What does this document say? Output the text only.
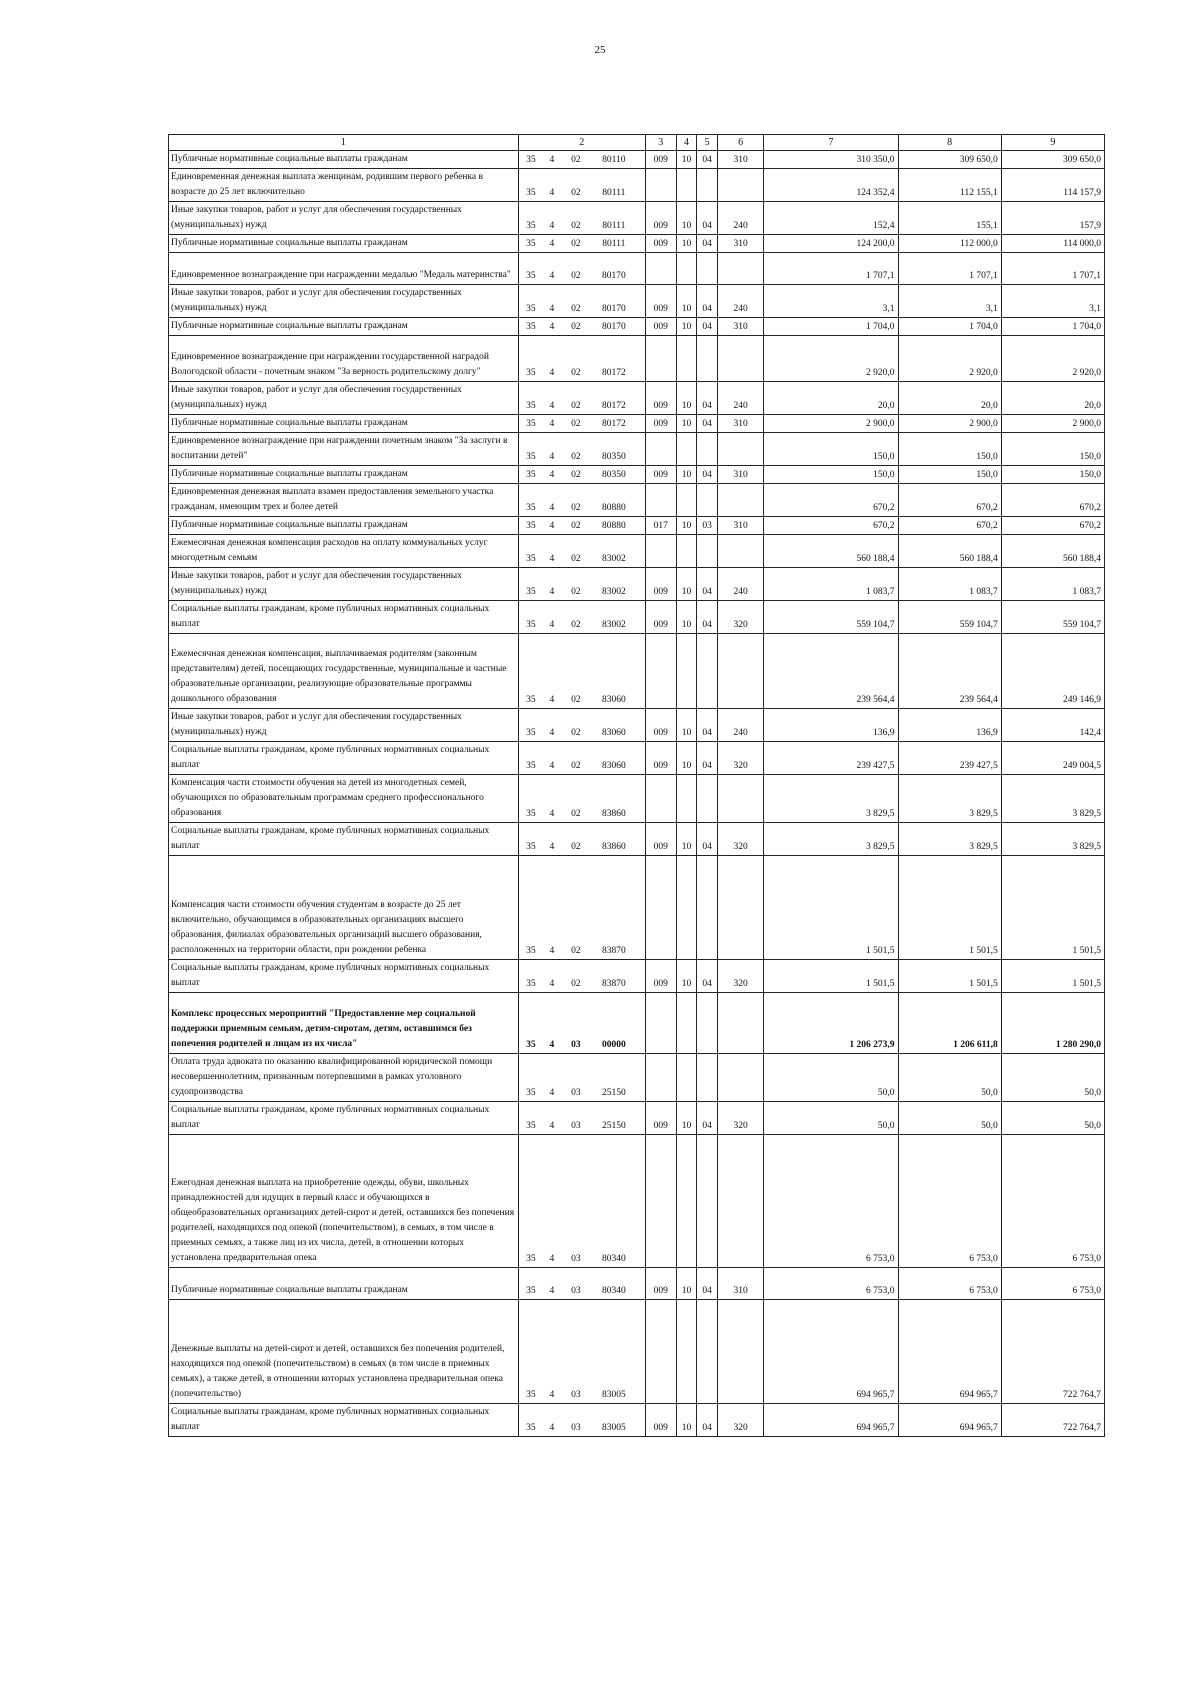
25
1	2	3	4	5	6	7	8	9
Публичные нормативные социальные выплаты гражданам	35 4 02 80110	009	10	04	310	310 350,0	309 650,0	309 650,0
Единовременная денежная выплата женщинам, родившим первого ребенка в возрасте до 25 лет включительно	35 4 02 80111					124 352,4	112 155,1	114 157,9
Иные закупки товаров, работ и услуг для обеспечения государственных (муниципальных) нужд	35 4 02 80111	009	10	04	240	152,4	155,1	157,9
Публичные нормативные социальные выплаты гражданам	35 4 02 80111	009	10	04	310	124 200,0	112 000,0	114 000,0
Единовременное вознаграждение при награждении медалью "Медаль материнства"	35 4 02 80170					1 707,1	1 707,1	1 707,1
Иные закупки товаров, работ и услуг для обеспечения государственных (муниципальных) нужд	35 4 02 80170	009	10	04	240	3,1	3,1	3,1
Публичные нормативные социальные выплаты гражданам	35 4 02 80170	009	10	04	310	1 704,0	1 704,0	1 704,0
Единовременное вознаграждение при награждении государственной наградой Вологодской области - почетным знаком "За верность родительскому долгу"	35 4 02 80172					2 920,0	2 920,0	2 920,0
Иные закупки товаров, работ и услуг для обеспечения государственных (муниципальных) нужд	35 4 02 80172	009	10	04	240	20,0	20,0	20,0
Публичные нормативные социальные выплаты гражданам	35 4 02 80172	009	10	04	310	2 900,0	2 900,0	2 900,0
Единовременное вознаграждение при награждении почетным знаком "За заслуги в воспитании детей"	35 4 02 80350					150,0	150,0	150,0
Публичные нормативные социальные выплаты гражданам	35 4 02 80350	009	10	04	310	150,0	150,0	150,0
Единовременная денежная выплата взамен предоставления земельного участка гражданам, имеющим трех и более детей	35 4 02 80880					670,2	670,2	670,2
Публичные нормативные социальные выплаты гражданам	35 4 02 80880	017	10	03	310	670,2	670,2	670,2
Ежемесячная денежная компенсация расходов на оплату коммунальных услуг многодетным семьям	35 4 02 83002					560 188,4	560 188,4	560 188,4
Иные закупки товаров, работ и услуг для обеспечения государственных (муниципальных) нужд	35 4 02 83002	009	10	04	240	1 083,7	1 083,7	1 083,7
Социальные выплаты гражданам, кроме публичных нормативных социальных выплат	35 4 02 83002	009	10	04	320	559 104,7	559 104,7	559 104,7
Ежемесячная денежная компенсация, выплачиваемая родителям (законным представителям) детей, посещающих государственные, муниципальные и частные образовательные организации, реализующие образовательные программы дошкольного образования	35 4 02 83060					239 564,4	239 564,4	249 146,9
Иные закупки товаров, работ и услуг для обеспечения государственных (муниципальных) нужд	35 4 02 83060	009	10	04	240	136,9	136,9	142,4
Социальные выплаты гражданам, кроме публичных нормативных социальных выплат	35 4 02 83060	009	10	04	320	239 427,5	239 427,5	249 004,5
Компенсация части стоимости обучения на детей из многодетных семей, обучающихся по образовательным программам среднего профессионального образования	35 4 02 83860					3 829,5	3 829,5	3 829,5
Социальные выплаты гражданам, кроме публичных нормативных социальных выплат	35 4 02 83860	009	10	04	320	3 829,5	3 829,5	3 829,5
Компенсация части стоимости обучения студентам в возрасте до 25 лет включительно, обучающимся в образовательных организациях высшего образования, филиалах образовательных организаций высшего образования, расположенных на территории области, при рождении ребенка	35 4 02 83870					1 501,5	1 501,5	1 501,5
Социальные выплаты гражданам, кроме публичных нормативных социальных выплат	35 4 02 83870	009	10	04	320	1 501,5	1 501,5	1 501,5
Комплекс процессных мероприятий "Предоставление мер социальной поддержки приемным семьям, детям-сиротам, детям, оставшимся без попечения родителей и лицам из их числа"	35 4 03 00000					1 206 273,9	1 206 611,8	1 280 290,0
Оплата труда адвоката по оказанию квалифицированной юридической помощи несовершеннолетним, признанным потерпевшими в рамках уголовного судопроизводства	35 4 03 25150					50,0	50,0	50,0
Социальные выплаты гражданам, кроме публичных нормативных социальных выплат	35 4 03 25150	009	10	04	320	50,0	50,0	50,0
Ежегодная денежная выплата на приобретение одежды, обуви, школьных принадлежностей для идущих в первый класс и обучающихся в общеобразовательных организациях детей-сирот и детей, оставшихся без попечения родителей, находящихся под опекой (попечительством), в семьях, в том числе в приемных семьях, а также лиц из их числа, детей, в отношении которых установлена предварительная опека	35 4 03 80340					6 753,0	6 753,0	6 753,0
Публичные нормативные социальные выплаты гражданам	35 4 03 80340	009	10	04	310	6 753,0	6 753,0	6 753,0
Денежные выплаты на детей-сирот и детей, оставшихся без попечения родителей, находящихся под опекой (попечительством) в семьях (в том числе в приемных семьях), а также детей, в отношении которых установлена предварительная опека (попечительство)	35 4 03 83005					694 965,7	694 965,7	722 764,7
Социальные выплаты гражданам, кроме публичных нормативных социальных выплат	35 4 03 83005	009	10	04	320	694 965,7	694 965,7	722 764,7
